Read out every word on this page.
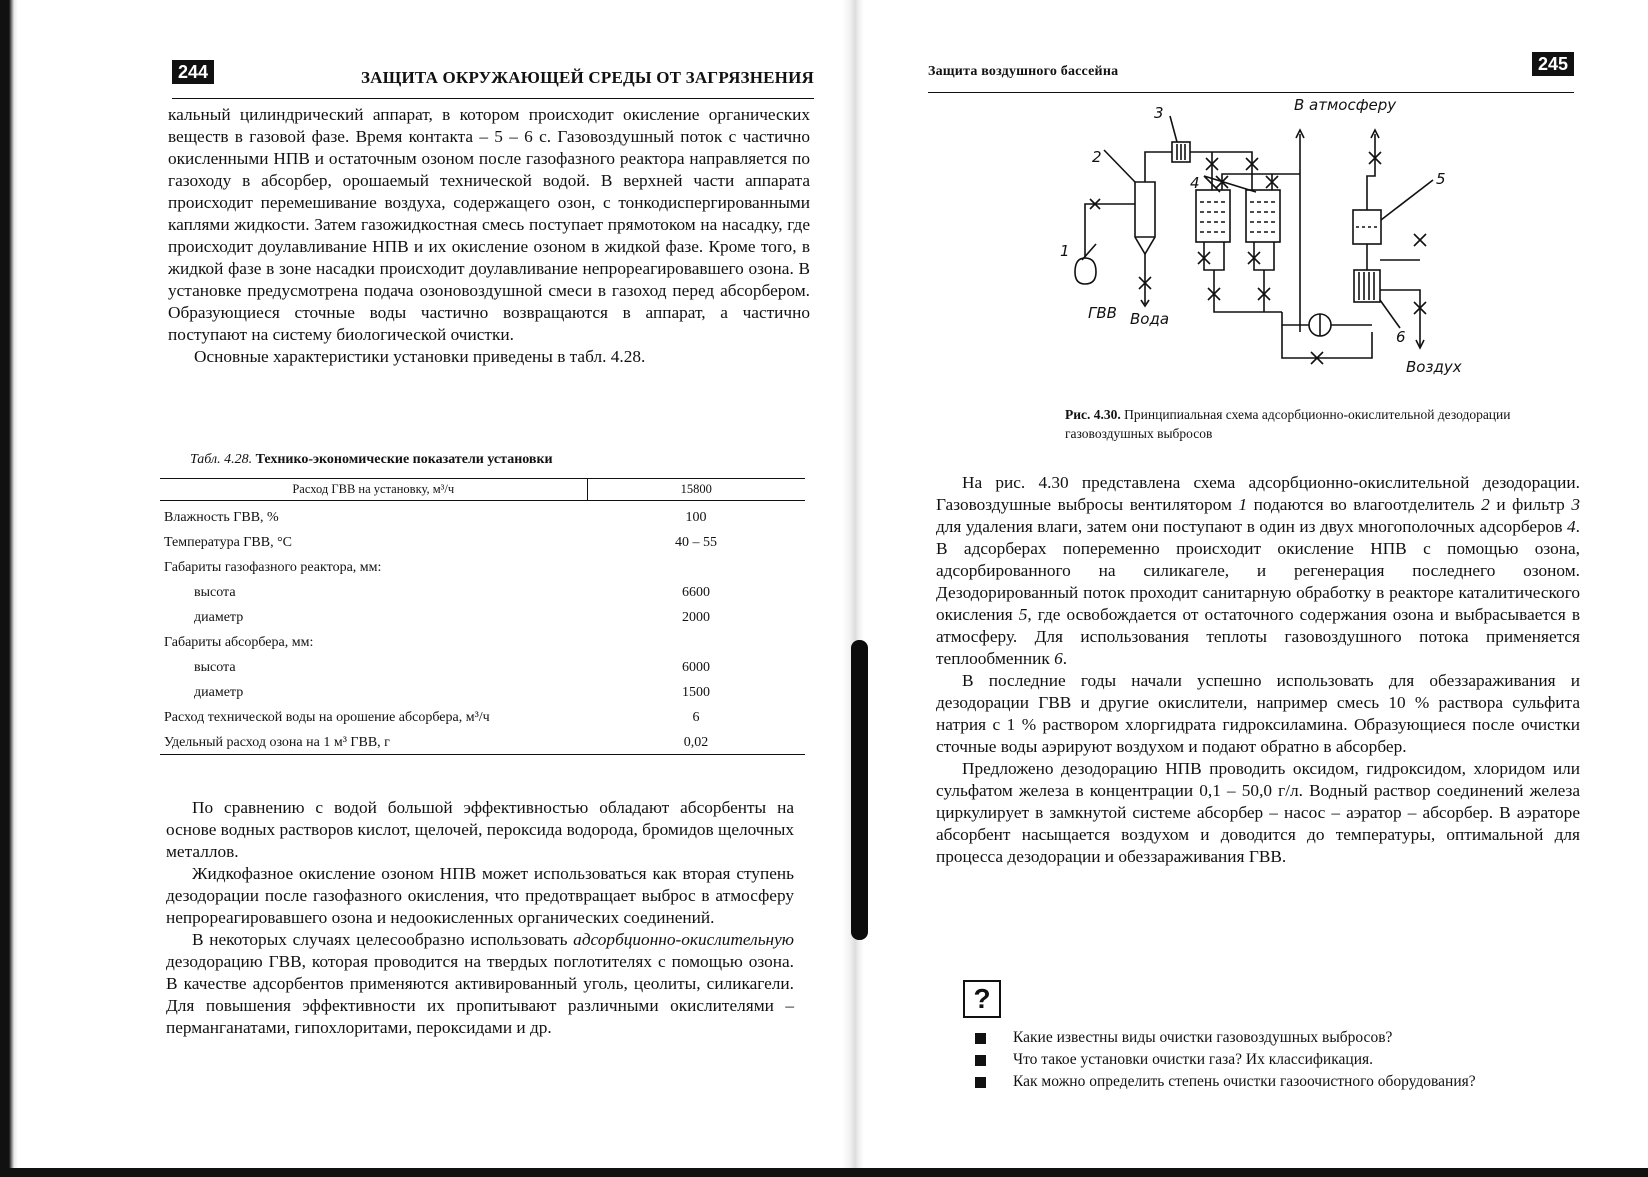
244	ЗАЩИТА ОКРУЖАЮЩЕЙ СРЕДЫ ОТ ЗАГРЯЗНЕНИЯ

кальный цилиндрический аппарат, в котором происходит окисление органических веществ в газовой фазе. Время контакта – 5 – 6 с. Газовоздушный поток с частично окисленными НПВ и остаточным озоном после газофазного реактора направляется по газоходу в абсорбер, орошаемый технической водой. В верхней части аппарата происходит перемешивание воздуха, содержащего озон, с тонкодиспергированными каплями жидкости. Затем газожидкостная смесь поступает прямотоком на насадку, где происходит доулавливание НПВ и их окисление озоном в жидкой фазе. Кроме того, в жидкой фазе в зоне насадки происходит доулавливание непрореагировавшего озона. В установке предусмотрена подача озоновоздушной смеси в газоход перед абсорбером. Образующиеся сточные воды частично возвращаются в аппарат, а частично поступают на систему биологической очистки.

Основные характеристики установки приведены в табл. 4.28.

Табл. 4.28. Технико-экономические показатели установки
Расход ГВВ на установку, м³/ч	15800
Влажность ГВВ, %	100
Температура ГВВ, °С	40 – 55
Габариты газофазного реактора, мм:	
высота	6600
диаметр	2000
Габариты абсорбера, мм:	
высота	6000
диаметр	1500
Расход технической воды на орошение абсорбера, м³/ч	6
Удельный расход озона на 1 м³ ГВВ, г	0,02

По сравнению с водой большой эффективностью обладают абсорбенты на основе водных растворов кислот, щелочей, пероксида водорода, бромидов щелочных металлов.

Жидкофазное окисление озоном НПВ может использоваться как вторая ступень дезодорации после газофазного окисления, что предотвращает выброс в атмосферу непрореагировавшего озона и недоокисленных органических соединений.

В некоторых случаях целесообразно использовать адсорбционно-окислительную дезодорацию ГВВ, которая проводится на твердых поглотителях с помощью озона. В качестве адсорбентов применяются активированный уголь, цеолиты, силикагели. Для повышения эффективности их пропитывают различными окислителями – перманганатами, гипохлоритами, пероксидами и др.

Защита воздушного бассейна	245
В атмосферу
ГВВ Вода
Воздух
1
2
3
4	5
6
Рис. 4.30. Принципиальная схема адсорбционно-окислительной дезодорации газовоздушных выбросов

На рис. 4.30 представлена схема адсорбционно-окислительной дезодорации. Газовоздушные выбросы вентилятором 1 подаются во влагоотделитель 2 и фильтр 3 для удаления влаги, затем они поступают в один из двух многополочных адсорберов 4. В адсорберах попеременно происходит окисление НПВ с помощью озона, адсорбированного на силикагеле, и регенерация последнего озоном. Дезодорированный поток проходит санитарную обработку в реакторе каталитического окисления 5, где освобождается от остаточного содержания озона и выбрасывается в атмосферу. Для использования теплоты газовоздушного потока применяется теплообменник 6.

В последние годы начали успешно использовать для обеззараживания и дезодорации ГВВ и другие окислители, например смесь 10 % раствора сульфита натрия с 1 % раствором хлоргидрата гидроксиламина. Образующиеся после очистки сточные воды аэрируют воздухом и подают обратно в абсорбер.

Предложено дезодорацию НПВ проводить оксидом, гидроксидом, хлоридом или сульфатом железа в концентрации 0,1 – 50,0 г/л. Водный раствор соединений железа циркулирует в замкнутой системе абсорбер – насос – аэратор – абсорбер. В аэраторе абсорбент насыщается воздухом и доводится до температуры, оптимальной для процесса дезодорации и обеззараживания ГВВ.

?
Какие известны виды очистки газовоздушных выбросов?
Что такое установки очистки газа? Их классификация.
Как можно определить степень очистки газоочистного оборудования?
